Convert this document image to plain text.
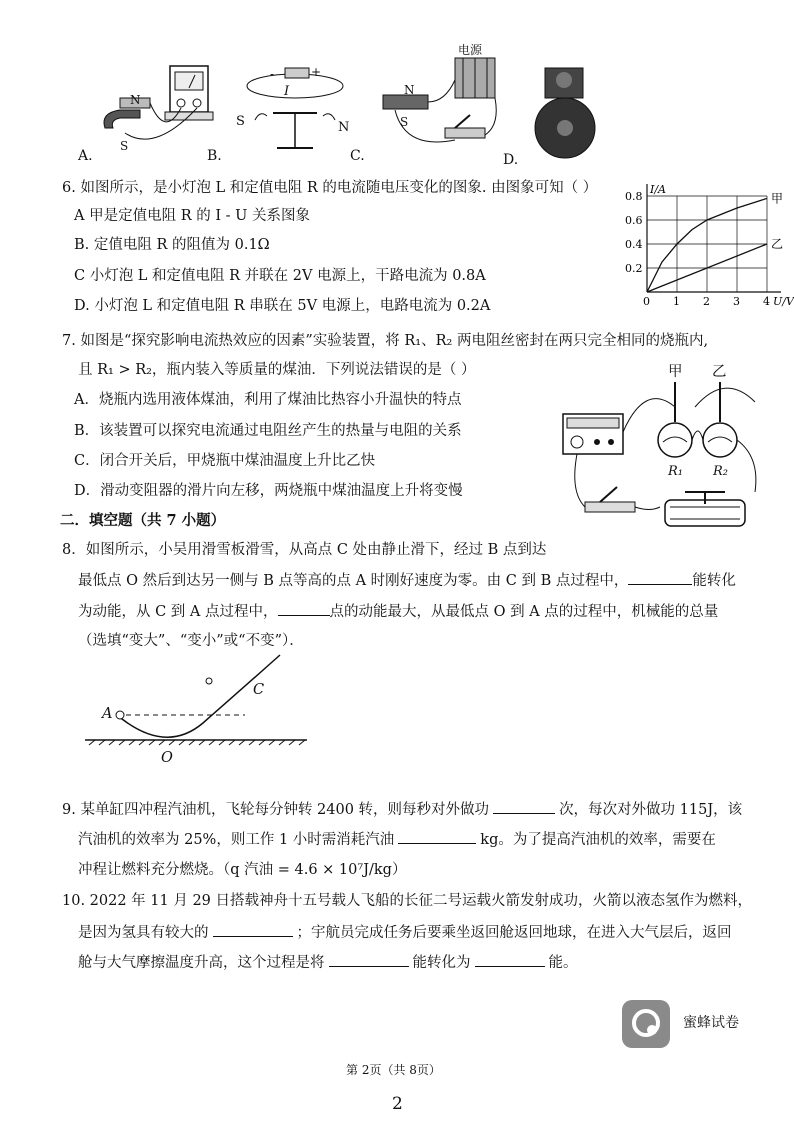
N
S
A.
I
+
-
S	N
B.
电源
N
S
C.	D.
6. 如图所示，是小灯泡 L 和定值电阻 R 的电流随电压变化的图象. 由图象可知（ ）
A 甲是定值电阻 R 的 I - U 关系图象
B. 定值电阻 R 的阻值为 0.1Ω
C 小灯泡 L 和定值电阻 R 并联在 2V 电源上，干路电流为 0.8A
D. 小灯泡 L 和定值电阻 R 串联在 5V 电源上，电路电流为 0.2A
甲
乙
0 1 2 3 4
0.2
0.4
0.6
0.8
U/V
I/A
7. 如图是“探究影响电流热效应的因素”实验装置，将 R₁、R₂ 两电阻丝密封在两只完全相同的烧瓶内,
且 R₁ > R₂，瓶内装入等质量的煤油．下列说法错误的是（ ）
A．烧瓶内选用液体煤油，利用了煤油比热容小升温快的特点
B．该装置可以探究电流通过电阻丝产生的热量与电阻的关系
C．闭合开关后，甲烧瓶中煤油温度上升比乙快
D．滑动变阻器的滑片向左移，两烧瓶中煤油温度上升将变慢
甲 乙
R₁ R₂
二．填空题（共 7 小题）
8．如图所示，小吴用滑雪板滑雪，从高点 C 处由静止滑下，经过 B 点到达
最低点 O 然后到达另一侧与 B 点等高的点 A 时刚好速度为零。由 C 到 B 点过程中，	能转化
为动能，从 C 到 A 点过程中，	点的动能最大，从最低点 O 到 A 点的过程中，机械能的总量
（选填“变大”、“变小”或“不变”）．
A
C
O
9. 某单缸四冲程汽油机，飞轮每分钟转 2400 转，则每秒对外做功	次，每次对外做功 115J，该
汽油机的效率为 25%，则工作 1 小时需消耗汽油	kg。为了提高汽油机的效率，需要在
冲程让燃料充分燃烧。（q 汽油 = 4.6 × 10⁷J/kg）
10. 2022 年 11 月 29 日搭载神舟十五号载人飞船的长征二号运载火箭发射成功，火箭以液态氢作为燃料，
是因为氢具有较大的	；宇航员完成任务后要乘坐返回舱返回地球，在进入大气层后，返回
舱与大气摩擦温度升高，这个过程是将	能转化为	能。
蜜蜂试卷
第 2页（共 8页）
2
